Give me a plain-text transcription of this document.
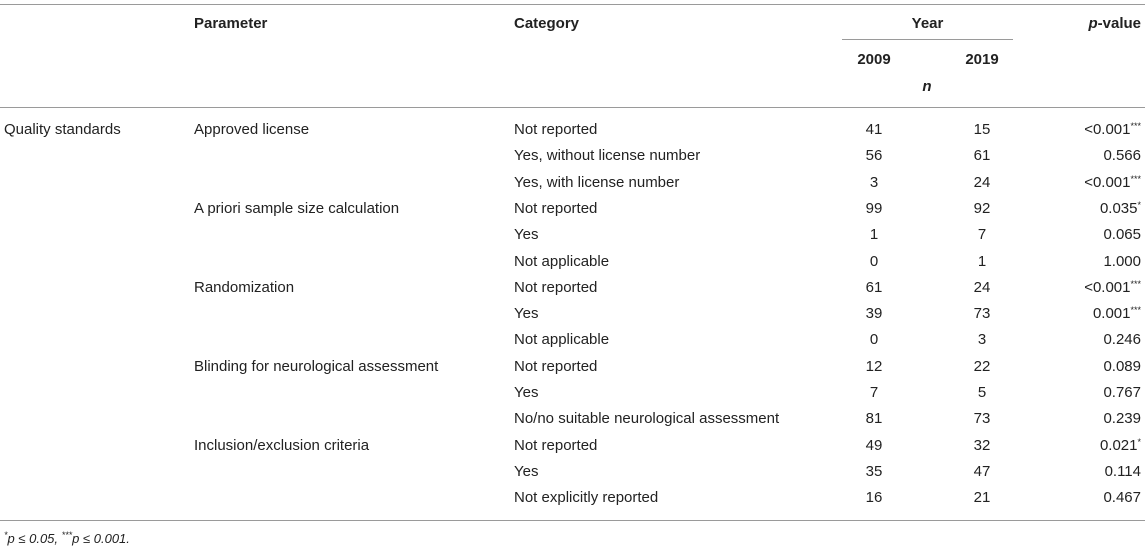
Parameter	Category	Year	p-value
2009	2019
n
Quality standards	Approved license	Not reported	41	15	<0.001***
Yes, without license number	56	61	0.566
Yes, with license number	3	24	<0.001***
A priori sample size calculation	Not reported	99	92	0.035*
Yes	1	7	0.065
Not applicable	0	1	1.000
Randomization	Not reported	61	24	<0.001***
Yes	39	73	0.001***
Not applicable	0	3	0.246
Blinding for neurological assessment	Not reported	12	22	0.089
Yes	7	5	0.767
No/no suitable neurological assessment	81	73	0.239
Inclusion/exclusion criteria	Not reported	49	32	0.021*
Yes	35	47	0.114
Not explicitly reported	16	21	0.467
*p ≤ 0.05, ***p ≤ 0.001.
